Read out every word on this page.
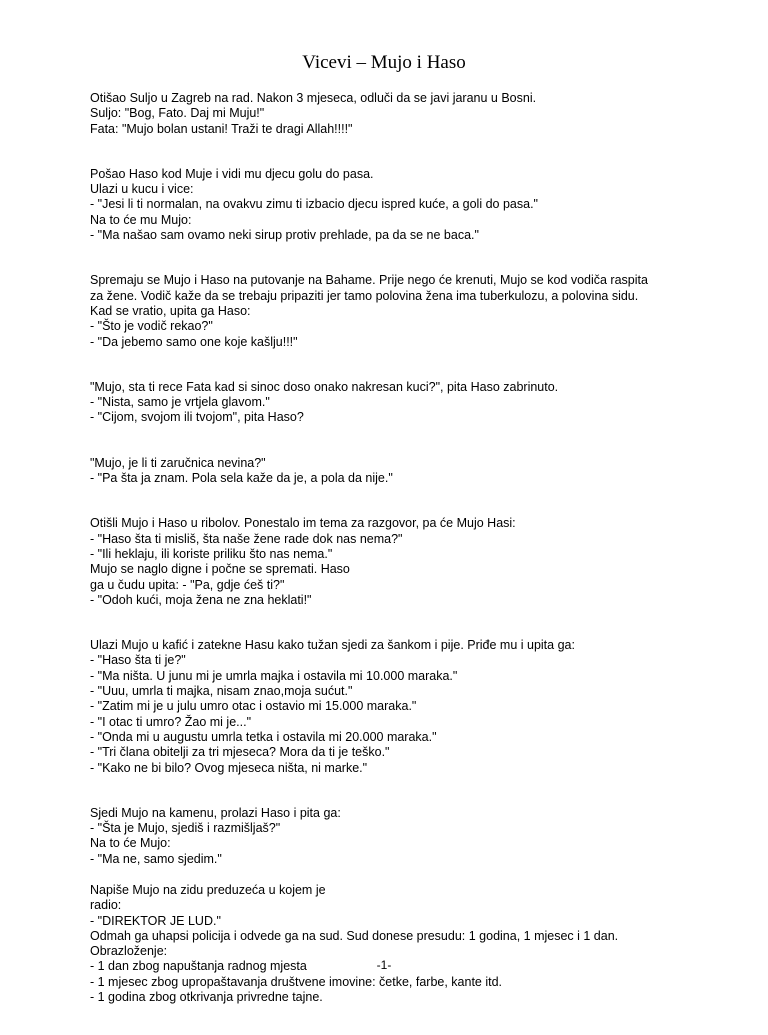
Vicevi – Mujo i Haso
Otišao Suljo u Zagreb na rad. Nakon 3 mjeseca, odluči da se javi jaranu u Bosni.
Suljo: "Bog, Fato. Daj mi Muju!"
Fata: "Mujo bolan ustani! Traži te dragi Allah!!!!"
Pošao Haso kod Muje i vidi mu djecu golu do pasa.
Ulazi u kucu i vice:
- "Jesi li ti normalan, na ovakvu zimu ti izbacio djecu ispred kuće, a goli do pasa."
Na to će mu Mujo:
- "Ma našao sam ovamo neki sirup protiv prehlade, pa da se ne baca."
Spremaju se Mujo i Haso na putovanje na Bahame. Prije nego će krenuti, Mujo se kod vodiča raspita
za žene. Vodič kaže da se trebaju pripaziti jer tamo polovina žena ima tuberkulozu, a polovina sidu.
Kad se vratio, upita ga Haso:
- "Što je vodič rekao?"
- "Da jebemo samo one koje kašlju!!!"
"Mujo, sta ti rece Fata kad si sinoc doso onako nakresan kuci?", pita Haso zabrinuto.
- "Nista, samo je vrtjela glavom."
- "Cijom, svojom ili tvojom", pita Haso?
"Mujo, je li ti zaručnica nevina?"
- "Pa šta ja znam. Pola sela kaže da je, a pola da nije."
Otišli Mujo i Haso u ribolov. Ponestalo im tema za razgovor, pa će Mujo Hasi:
- "Haso šta ti misliš, šta naše žene rade dok nas nema?"
- "Ili heklaju, ili koriste priliku što nas nema."
Mujo se naglo digne i počne se spremati. Haso
ga u čudu upita: - "Pa, gdje ćeš ti?"
- "Odoh kući, moja žena ne zna heklati!"
Ulazi Mujo u kafić i zatekne Hasu kako tužan sjedi za šankom i pije. Priđe mu i upita ga:
- "Haso šta ti je?"
- "Ma ništa. U junu mi je umrla majka i ostavila mi 10.000 maraka."
- "Uuu, umrla ti majka, nisam znao,moja sućut."
- "Zatim mi je u julu umro otac i ostavio mi 15.000 maraka."
- "I otac ti umro? Žao mi je..."
- "Onda mi u augustu umrla tetka i ostavila mi 20.000 maraka."
- "Tri člana obitelji za tri mjeseca? Mora da ti je teško."
- "Kako ne bi bilo? Ovog mjeseca ništa, ni marke."
Sjedi Mujo na kamenu, prolazi Haso i pita ga:
- "Šta je Mujo, sjediš i razmišljaš?"
Na to će Mujo:
- "Ma ne, samo sjedim."
Napiše Mujo na zidu preduzeća u kojem je
radio:
- "DIREKTOR JE LUD."
Odmah ga uhapsi policija i odvede ga na sud. Sud donese presudu: 1 godina, 1 mjesec i 1 dan.
Obrazloženje:
- 1 dan zbog napuštanja radnog mjesta
- 1 mjesec zbog upropaštavanja društvene imovine: četke, farbe, kante itd.
- 1 godina zbog otkrivanja privredne tajne.
-1-
